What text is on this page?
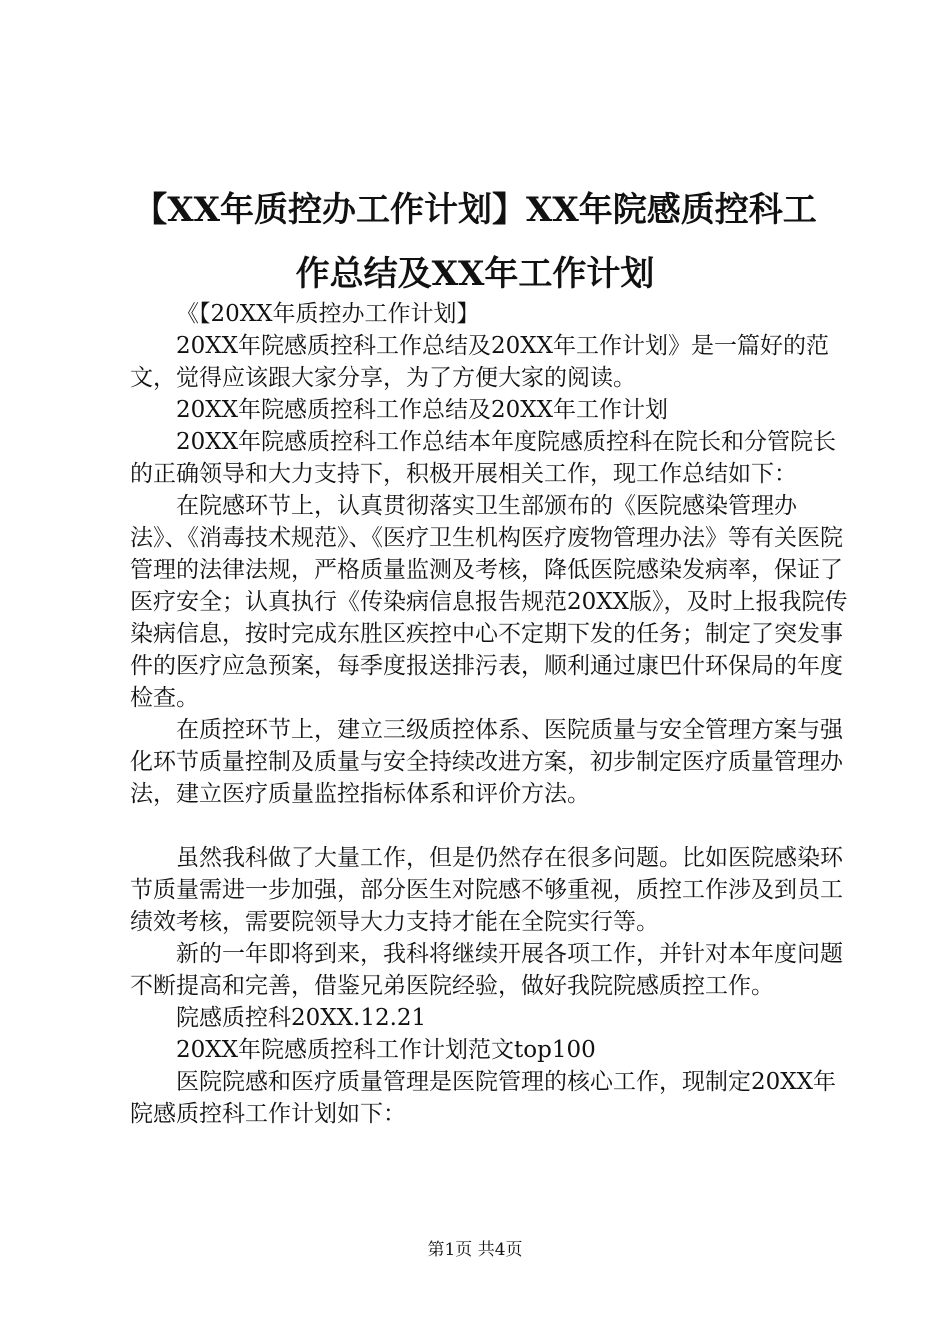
【XX年质控办工作计划】XX年院感质控科工
作总结及XX年工作计划

《【20XX年质控办工作计划】

20XX年院感质控科工作总结及20XX年工作计划》是一篇好的范文，觉得应该跟大家分享，为了方便大家的阅读。

20XX年院感质控科工作总结及20XX年工作计划

20XX年院感质控科工作总结本年度院感质控科在院长和分管院长的正确领导和大力支持下，积极开展相关工作，现工作总结如下：

在院感环节上，认真贯彻落实卫生部颁布的《医院感染管理办法》、《消毒技术规范》、《医疗卫生机构医疗废物管理办法》等有关医院管理的法律法规，严格质量监测及考核，降低医院感染发病率，保证了医疗安全；认真执行《传染病信息报告规范20XX版》，及时上报我院传染病信息，按时完成东胜区疾控中心不定期下发的任务；制定了突发事件的医疗应急预案，每季度报送排污表，顺利通过康巴什环保局的年度检查。

在质控环节上，建立三级质控体系、医院质量与安全管理方案与强化环节质量控制及质量与安全持续改进方案，初步制定医疗质量管理办法，建立医疗质量监控指标体系和评价方法。

虽然我科做了大量工作，但是仍然存在很多问题。比如医院感染环节质量需进一步加强，部分医生对院感不够重视，质控工作涉及到员工绩效考核，需要院领导大力支持才能在全院实行等。

新的一年即将到来，我科将继续开展各项工作，并针对本年度问题不断提高和完善，借鉴兄弟医院经验，做好我院院感质控工作。

院感质控科20XX.12.21

20XX年院感质控科工作计划范文top100

医院院感和医疗质量管理是医院管理的核心工作，现制定20XX年院感质控科工作计划如下：

第1页 共4页
